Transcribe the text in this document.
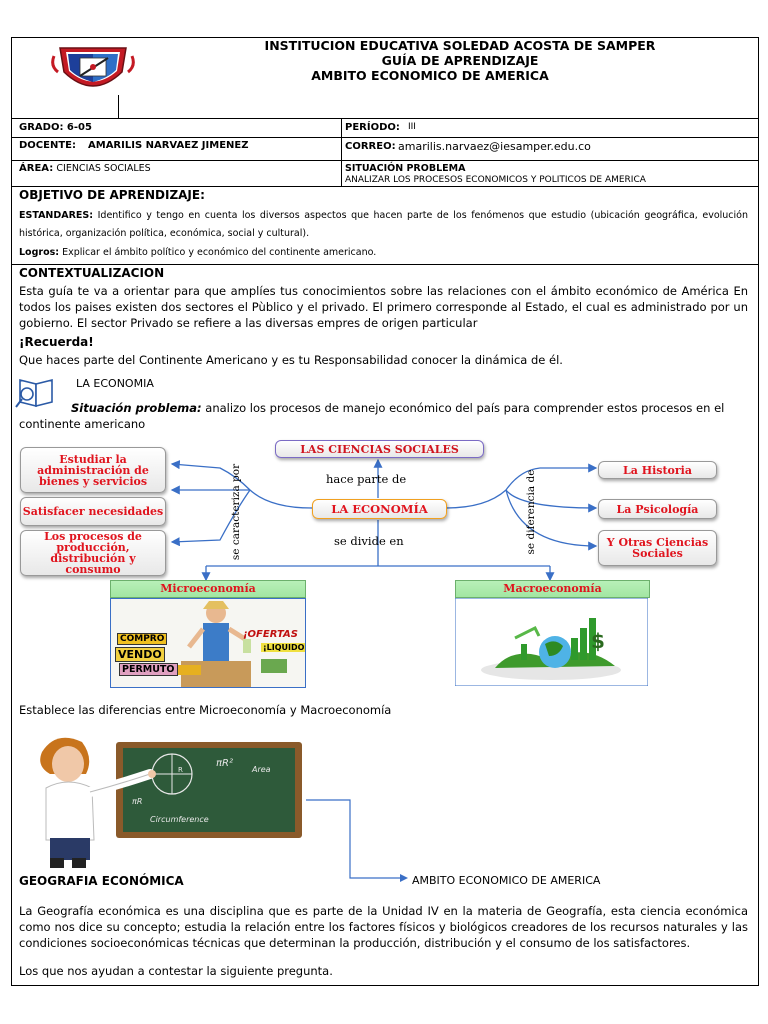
INSTITUCION EDUCATIVA SOLEDAD ACOSTA DE SAMPER
GUÍA DE APRENDIZAJE
AMBITO ECONOMICO DE AMERICA
GRADO: 6-05	PERÍODO: III
DOCENTE: AMARILIS NARVAEZ JIMENEZ	CORREO: amarilis.narvaez@iesamper.edu.co
ÁREA: CIENCIAS SOCIALES	SITUACIÓN PROBLEMA
ANALIZAR LOS PROCESOS ECONOMICOS Y POLITICOS DE AMERICA
OBJETIVO DE APRENDIZAJE:
ESTANDARES: Identifico y tengo en cuenta los diversos aspectos que hacen parte de los fenómenos que estudio (ubicación geográfica, evolución histórica, organización política, económica, social y cultural).
Logros: Explicar el ámbito político y económico del continente americano.
CONTEXTUALIZACION
Esta guía te va a orientar para que amplíes tus conocimientos sobre las relaciones con el ámbito económico de América En todos los paises existen dos sectores el Pùblico y el privado. El primero corresponde al Estado, el cual es administrado por un gobierno. El sector Privado se refiere a las diversas empres de origen particular
¡Recuerda!
Que haces parte del Continente Americano y es tu Responsabilidad conocer la dinámica de él.
LA ECONOMIA
Situación problema: analizo los procesos de manejo económico del país para comprender estos procesos en el continente americano
LAS CIENCIAS SOCIALES
hace parte de
LA ECONOMÍA
se divide en
se caracteriza por	se diferencia de
Estudiar la administración de bienes y servicios
Satisfacer necesidades
Los procesos de producción, distribución y consumo
La Historia
La Psicología
Y Otras Ciencias Sociales
Microeconomía	Macroeconomía
COMPRO
VENDO
PERMUTO
¡OFERTAS
¡LIQUIDO	$
Establece las diferencias entre Microeconomía y Macroeconomía
R
πR²
Area
πR
Circumference
GEOGRAFIA ECONÓMICA	AMBITO ECONOMICO DE AMERICA
La Geografía económica es una disciplina que es parte de la Unidad IV en la materia de Geografía, esta ciencia económica como nos dice su concepto; estudia la relación entre los factores físicos y biológicos creadores de los recursos naturales y las condiciones socioeconómicas técnicas que determinan la producción, distribución y el consumo de los satisfactores.
Los que nos ayudan a contestar la siguiente pregunta.
